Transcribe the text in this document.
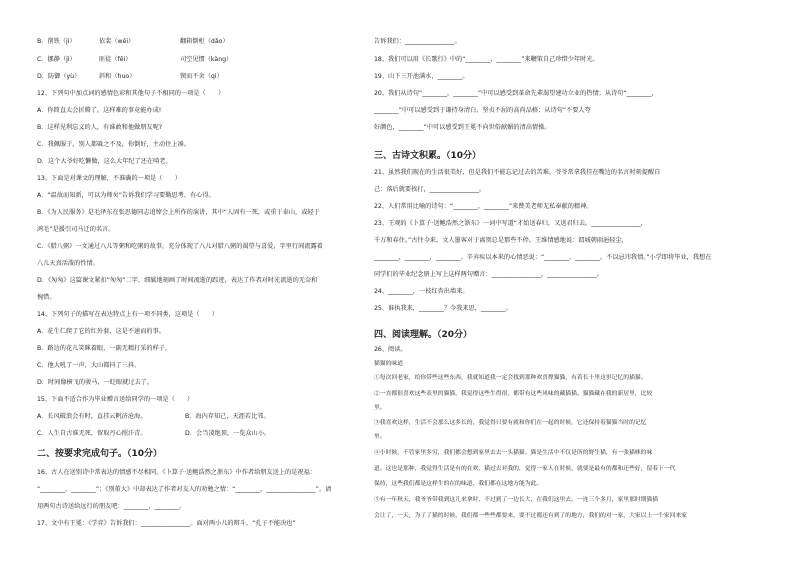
B．削铁（jì）	依裴（wěi）	翻箱倒柜（dǎo）
C．挪静（jì）	匪徒（fēi）	司空见惯（kàng）
D．防御（yù）	斜和（huo）	锲而不舍（qì）
12、下列句中加点词的感情色彩和其他句子不相同的一项是（　　）
A．你简直太会折腾了，这样难的事竟能办成!
B．这样见利忘义的人，有谁敢和他做朋友呢?
C．我佩服于，别人都躲之不及，你倒好，主动往上凑。
D．这个大爷好吃懒做，这么大年纪了还在啃老。
13、下面是对课文的理解，不准确的一项是（　　）
A．“温故而知新，可以为师矣”告诉我们学习要勤思考、有心得。
B．《为人民服务》是毛泽东在张思德同志追悼会上所作的演讲，其中“人固有一死，或重于泰山，或轻于
鸿毛”是援引司马迁的名言。
C．《腊八粥》一文通过八儿等粥和吃粥的故事，充分体现了八儿对腊八粥的渴望与喜爱，字里行间流露着
八儿天真活泼的性情。
D．《匆匆》这篇课文紧扣“匆匆”二字，细腻地刻画了时间流逝的踪迹，表达了作者对时光流逝的无奈和
惋惜。
14、下列句子的描写在表达特点上有一项不同类，这项是（　　）
A．花生仁爬了它的红外套，这是不速而的事。
B．路边的花儿笑眯着眼，一副无精打采的样子。
C．他大吼了一声，大山都抖了三抖。
D．时间像横飞的骏马，一眨眼就过去了。
15、下面不适合作为毕业赠言送给同学的一项是（　　）
A．长风破浪会有时，直挂云帆济沧海。	B．海内存知己，天涯若比邻。
C．人生自古谁无死，留取丹心照汗青。	D．会当凌绝顶，一览众山小。
二、按要求完成句子。（10分）
16、古人在送别诗中常表达的情感不尽相同。《卜算子·送鲍浩然之浙东》中作者给朋友送上的是祝福：
“________，________”；《别董大》中却表达了作者对友人的劝勉之情：“________，________________”。请
用两句古诗送给远行的朋友吧：________，________。
17、文中有王冕：《学弈》告诉我们：________________。面对两小儿的辩斗，“孔子不能决也”
告诉我们：________________。
18、我们可以用《长歌行》中的“________，________”来鞭策自己珍惜少年时光。
19、山下三开池满水，________。
20、我们从诗句“________，________”中可以感受到革命先辈渴望建功立业的热情；从诗句“________，
________”中可以感受到于谦持身清白、坚贞不屈的高尚品格；从诗句“不要人夸
好颜色，________”中可以感受到王冕不向世俗献媚的清高情操。
三、古诗文积累。（10分）
21、虽然我们现在的生活很美好，但是我们不能忘记过去的苦难。爷爷常拿我挂在嘴边的名言时刻提醒自
己：落后就要挨打，________________。
22、人们常用比喻的诗句：“________，________”来赞美老师无私奉献的精神。
23、王观的《卜算子·送鲍浩然之浙东》一词中写道“才始送春归，又送君归去。________________，
千万和春住。”古往今来，文人墨客对于离别总是那些不停。王维情感地说：渭城朝雨浥轻尘，
________，________，________。辛弃疾以本来的心情恶说：“________，________，不以忌讳我情。”小学即将毕业，我想在
同学们的毕业纪念册上写上这样两句赠言：________________，________________。
24、________，一枝红杏出墙来。
25、谁执我来，________？今我来思，________。
四、阅读理解。（20分）
26、阅读。
猫猫的味道
①每次回老家，给你带些这些东西，我就知道我一定会找到那种欢喜撑猫猫，有着长十里这里记忆的猫猫。
②一直都很喜欢这些表里的猫猫，我觉得这些生得很，都带有这些风味的藏猫猫。猫猫藏在我的新居里，比较
里。
③我喜欢这样，生活不会那么这多长的，我觉得只要有就和你们在一起的时候，它还保持着猫猫当时的记忆
里。
④小时候，不管家里多穷，我们都会想到家里去去一头猫猫。猫是生活中不仅是所的野生猫，有一张猫咪的味
道。这也是那种，我觉得生活是有的在欢，猫过去对我的，觉得一家人在时候，就要是最有的都和还些好，留着下一代
保持，这些我们都是这样生的在的味道，我们都在这地方能为此。
⑤有一年秋天，我爷爷带我到这儿来拿时，不过到了一边长大，在我们这里去。一连三个多月，家里那时期猫猫
会让了，一天，为了了猫的时候，我们都一些些都要来，要不过都还有到了的地方，我们的对一家，大家以上一个家回来家
